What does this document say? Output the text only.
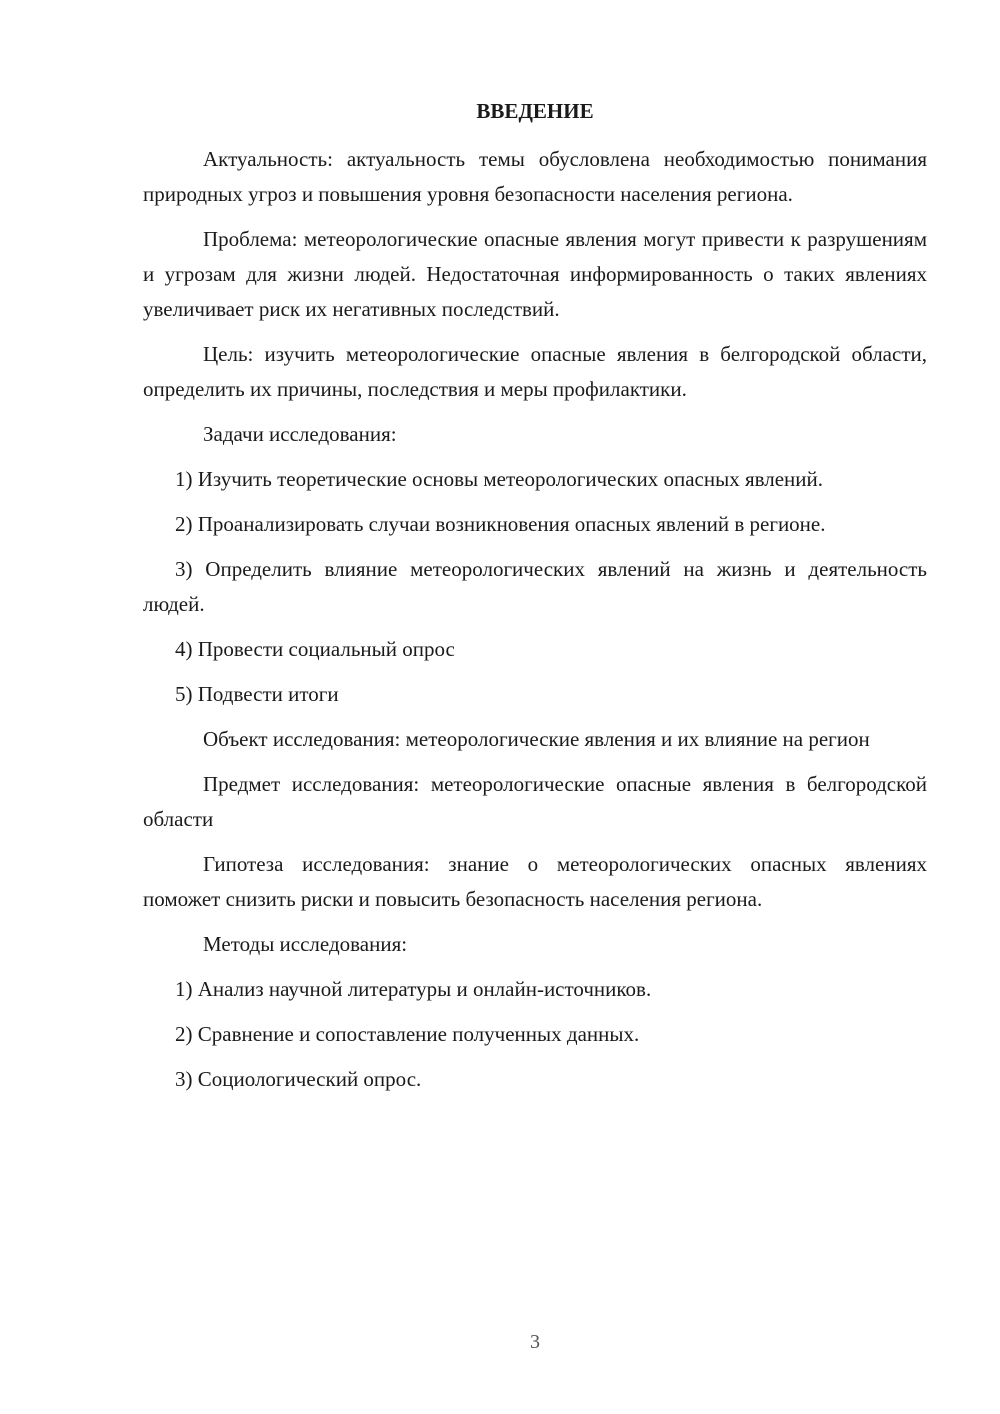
ВВЕДЕНИЕ

Актуальность: актуальность темы обусловлена необходимостью понимания природных угроз и повышения уровня безопасности населения региона.

Проблема: метеорологические опасные явления могут привести к разрушениям и угрозам для жизни людей. Недостаточная информированность о таких явлениях увеличивает риск их негативных последствий.

Цель: изучить метеорологические опасные явления в белгородской области, определить их причины, последствия и меры профилактики.

Задачи исследования:

1) Изучить теоретические основы метеорологических опасных явлений.

2) Проанализировать случаи возникновения опасных явлений в регионе.

3) Определить влияние метеорологических явлений на жизнь и деятельность людей.

4) Провести социальный опрос

5) Подвести итоги

Объект исследования: метеорологические явления и их влияние на регион

Предмет исследования: метеорологические опасные явления в белгородской области

Гипотеза исследования: знание о метеорологических опасных явлениях поможет снизить риски и повысить безопасность населения региона.

Методы исследования:

1) Анализ научной литературы и онлайн-источников.

2) Сравнение и сопоставление полученных данных.

3) Социологический опрос.

3
